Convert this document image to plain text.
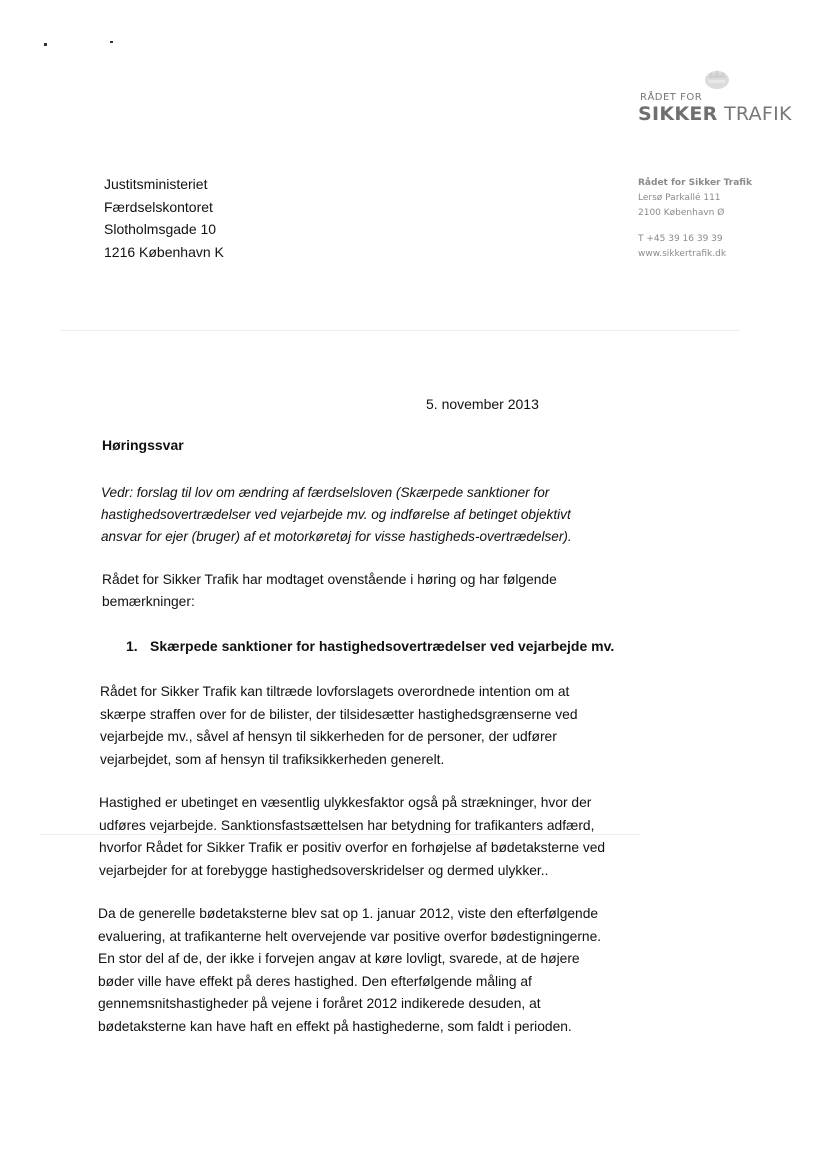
RÅDET FOR
SIKKER TRAFIK
Rådet for Sikker Trafik
Lersø Parkallé 111
2100 København Ø
T +45 39 16 39 39
www.sikkertrafik.dk
Justitsministeriet
Færdselskontoret
Slotholmsgade 10
1216 København K
5. november 2013
Høringssvar
Vedr: forslag til lov om ændring af færdselsloven (Skærpede sanktioner for
hastighedsovertrædelser ved vejarbejde mv. og indførelse af betinget objektivt
ansvar for ejer (bruger) af et motorkøretøj for visse hastigheds-overtrædelser).
Rådet for Sikker Trafik har modtaget ovenstående i høring og har følgende
bemærkninger:
1. Skærpede sanktioner for hastighedsovertrædelser ved vejarbejde mv.
Rådet for Sikker Trafik kan tiltræde lovforslagets overordnede intention om at
skærpe straffen over for de bilister, der tilsidesætter hastighedsgrænserne ved
vejarbejde mv., såvel af hensyn til sikkerheden for de personer, der udfører
vejarbejdet, som af hensyn til trafiksikkerheden generelt.
Hastighed er ubetinget en væsentlig ulykkesfaktor også på strækninger, hvor der
udføres vejarbejde. Sanktionsfastsættelsen har betydning for trafikanters adfærd,
hvorfor Rådet for Sikker Trafik er positiv overfor en forhøjelse af bødetaksterne ved
vejarbejder for at forebygge hastighedsoverskridelser og dermed ulykker..
Da de generelle bødetaksterne blev sat op 1. januar 2012, viste den efterfølgende
evaluering, at trafikanterne helt overvejende var positive overfor bødestigningerne.
En stor del af de, der ikke i forvejen angav at køre lovligt, svarede, at de højere
bøder ville have effekt på deres hastighed. Den efterfølgende måling af
gennemsnitshastigheder på vejene i foråret 2012 indikerede desuden, at
bødetaksterne kan have haft en effekt på hastighederne, som faldt i perioden.
